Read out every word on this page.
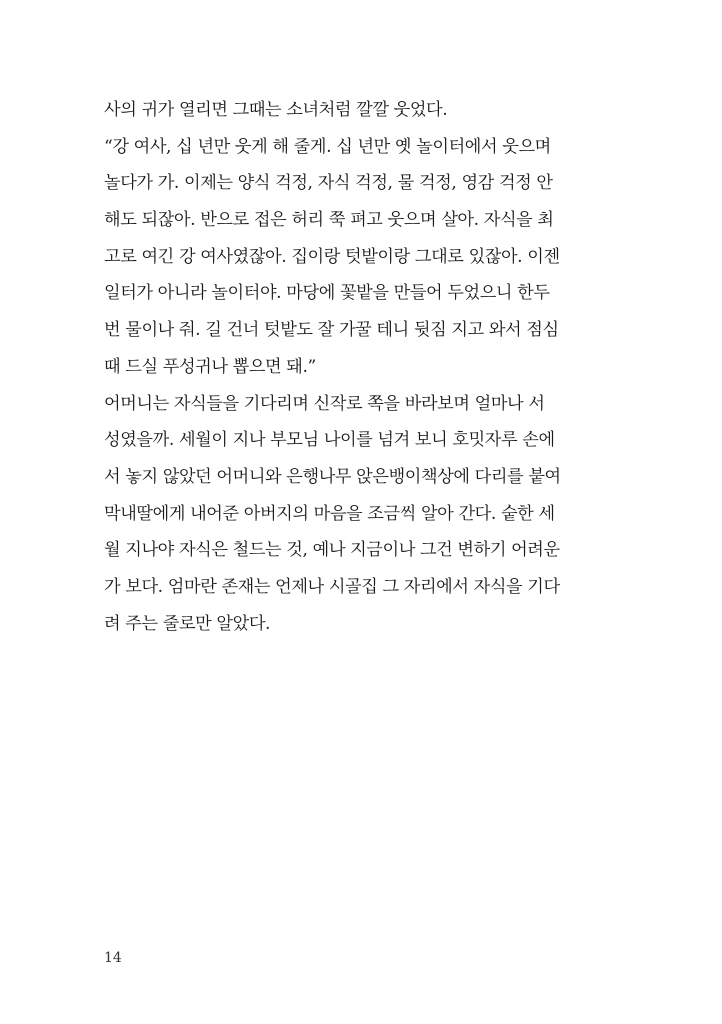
사의 귀가 열리면 그때는 소녀처럼 깔깔 웃었다.
“강 여사, 십 년만 웃게 해 줄게. 십 년만 옛 놀이터에서 웃으며
놀다가 가. 이제는 양식 걱정, 자식 걱정, 물 걱정, 영감 걱정 안
해도 되잖아. 반으로 접은 허리 쭉 펴고 웃으며 살아. 자식을 최
고로 여긴 강 여사였잖아. 집이랑 텃밭이랑 그대로 있잖아. 이젠
일터가 아니라 놀이터야. 마당에 꽃밭을 만들어 두었으니 한두
번 물이나 줘. 길 건너 텃밭도 잘 가꿀 테니 뒷짐 지고 와서 점심
때 드실 푸성귀나 뽑으면 돼.”
어머니는 자식들을 기다리며 신작로 쪽을 바라보며 얼마나 서
성였을까. 세월이 지나 부모님 나이를 넘겨 보니 호밋자루 손에
서 놓지 않았던 어머니와 은행나무 앉은뱅이책상에 다리를 붙여
막내딸에게 내어준 아버지의 마음을 조금씩 알아 간다. 숱한 세
월 지나야 자식은 철드는 것, 예나 지금이나 그건 변하기 어려운
가 보다. 엄마란 존재는 언제나 시골집 그 자리에서 자식을 기다
려 주는 줄로만 알았다.
14
